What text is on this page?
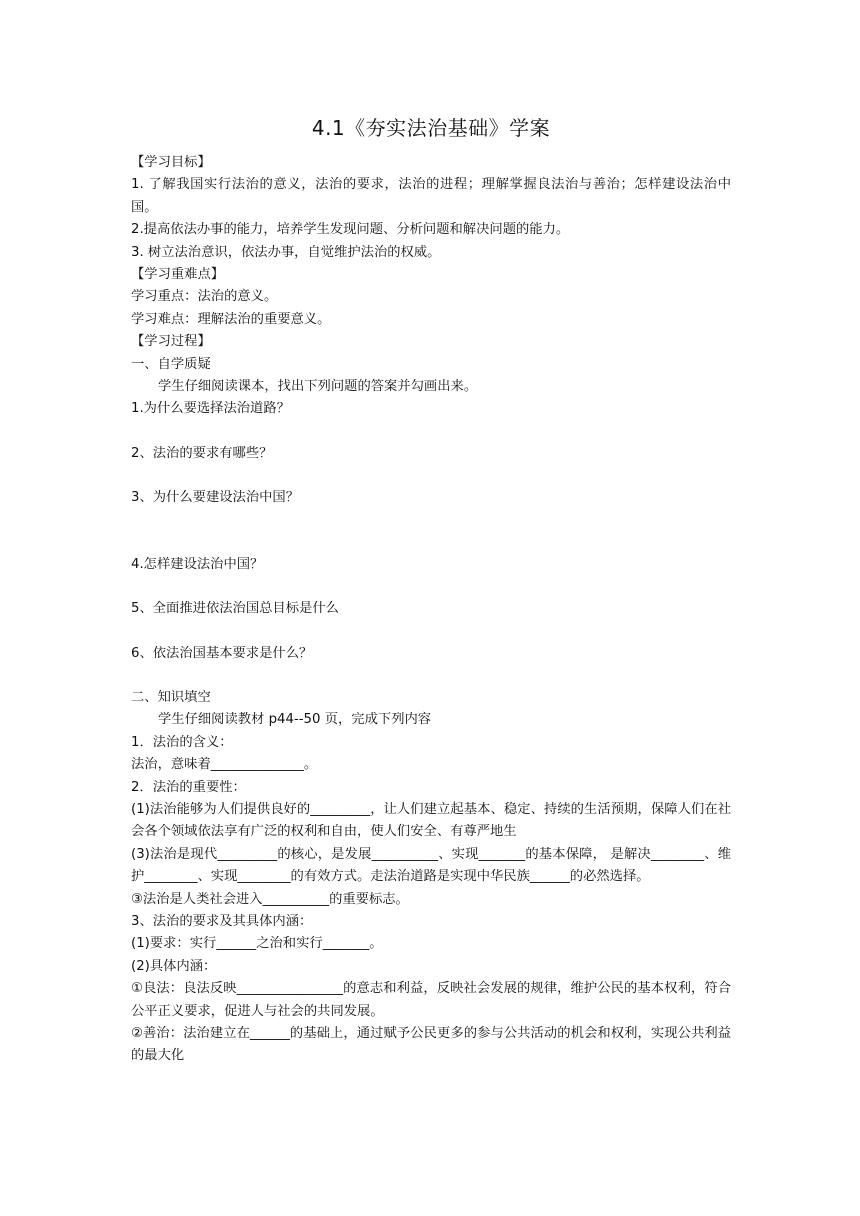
4.1《夯实法治基础》学案

【学习目标】

1. 了解我国实行法治的意义，法治的要求，法治的进程；理解掌握良法治与善治；怎样建设法治中国。

2.提高依法办事的能力，培养学生发现问题、分析问题和解决问题的能力。

3. 树立法治意识，依法办事，自觉维护法治的权威。

【学习重难点】

学习重点：法治的意义。

学习难点：理解法治的重要意义。

【学习过程】

一、自学质疑

学生仔细阅读课本，找出下列问题的答案并勾画出来。

1.为什么要选择法治道路？

2、法治的要求有哪些？

3、为什么要建设法治中国？

4.怎样建设法治中国？

5、全面推进依法治国总目标是什么

6、依法治国基本要求是什么？

二、知识填空

学生仔细阅读教材 p44--50 页，完成下列内容

1．法治的含义：

法治，意味着______________。

2．法治的重要性：

(1)法治能够为人们提供良好的_________，让人们建立起基本、稳定、持续的生活预期，保障人们在社会各个领域依法享有广泛的权利和自由，使人们安全、有尊严地生

(3)法治是现代_________的核心，是发展__________、实现_______的基本保障， 是解决________、维护________、实现________的有效方式。走法治道路是实现中华民族______的必然选择。

③法治是人类社会进入__________的重要标志。

3、法治的要求及其具体内涵：

(1)要求：实行______之治和实行_______。

(2)具体内涵：

①良法：良法反映________________的意志和利益，反映社会发展的规律，维护公民的基本权利，符合公平正义要求，促进人与社会的共同发展。

②善治：法治建立在______的基础上，通过赋予公民更多的参与公共活动的机会和权利，实现公共利益的最大化
